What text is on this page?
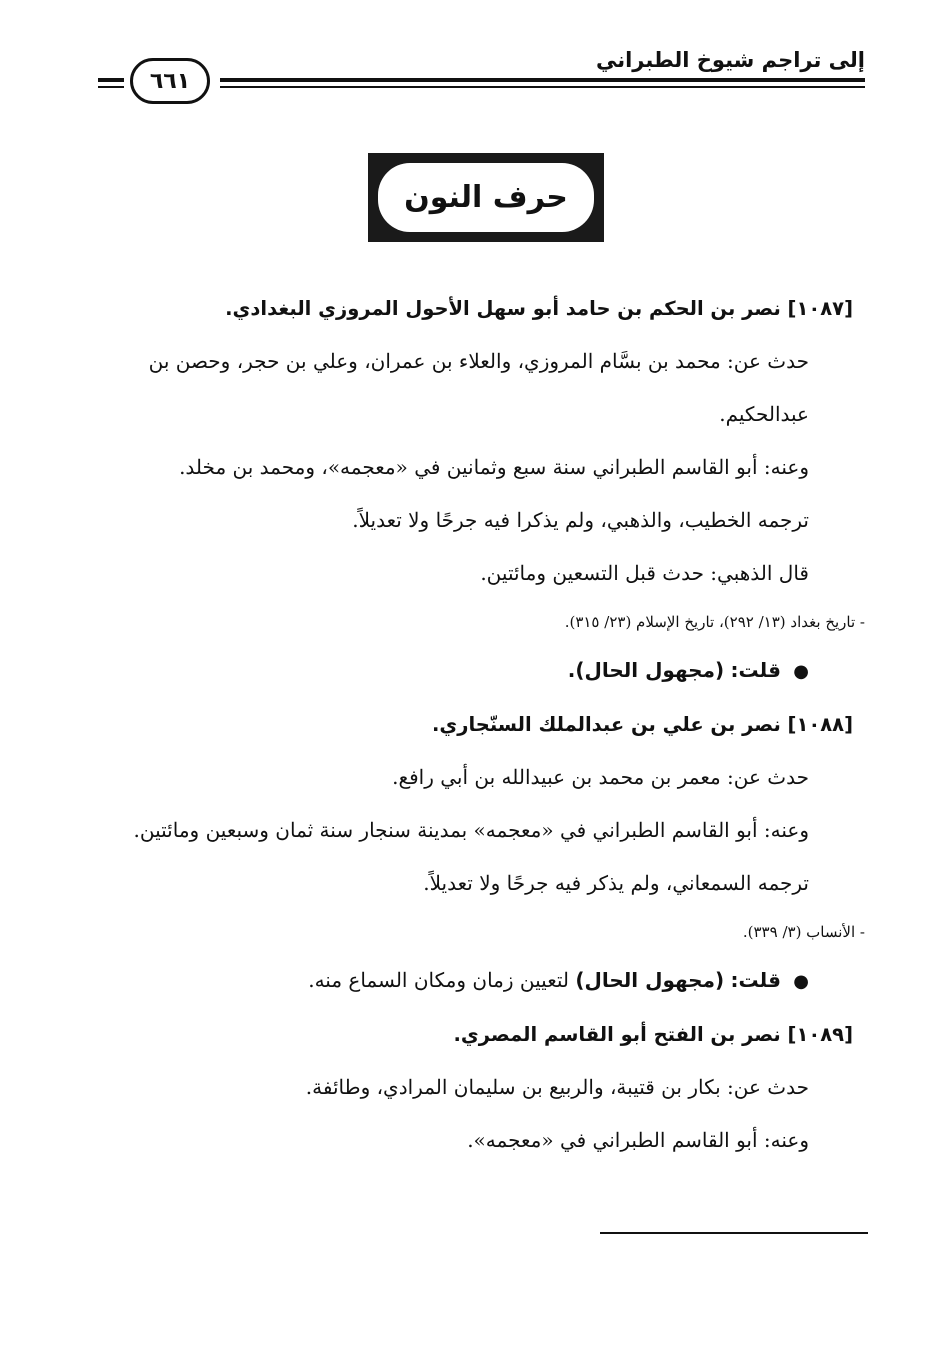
إلى تراجم شيوخ الطبراني
٦٦١
حرف النون

[١٠٨٧] نصر بن الحكم بن حامد أبو سهل الأحول المروزي البغدادي.

حدث عن: محمد بن بسَّام المروزي، والعلاء بن عمران، وعلي بن حجر، وحصن بن عبدالحكيم.

وعنه: أبو القاسم الطبراني سنة سبع وثمانين في «معجمه»، ومحمد بن مخلد.

ترجمه الخطيب، والذهبي، ولم يذكرا فيه جرحًا ولا تعديلاً.

قال الذهبي: حدث قبل التسعين ومائتين.

- تاريخ بغداد (١٣/ ٢٩٢)، تاريخ الإسلام (٢٣/ ٣١٥).

● قلت: (مجهول الحال).

[١٠٨٨] نصر بن علي بن عبدالملك السنّجاري.

حدث عن: معمر بن محمد بن عبيدالله بن أبي رافع.

وعنه: أبو القاسم الطبراني في «معجمه» بمدينة سنجار سنة ثمان وسبعين ومائتين.

ترجمه السمعاني، ولم يذكر فيه جرحًا ولا تعديلاً.

- الأنساب (٣/ ٣٣٩).

● قلت: (مجهول الحال) لتعيين زمان ومكان السماع منه.

[١٠٨٩] نصر بن الفتح أبو القاسم المصري.

حدث عن: بكار بن قتيبة، والربيع بن سليمان المرادي، وطائفة.

وعنه: أبو القاسم الطبراني في «معجمه».
